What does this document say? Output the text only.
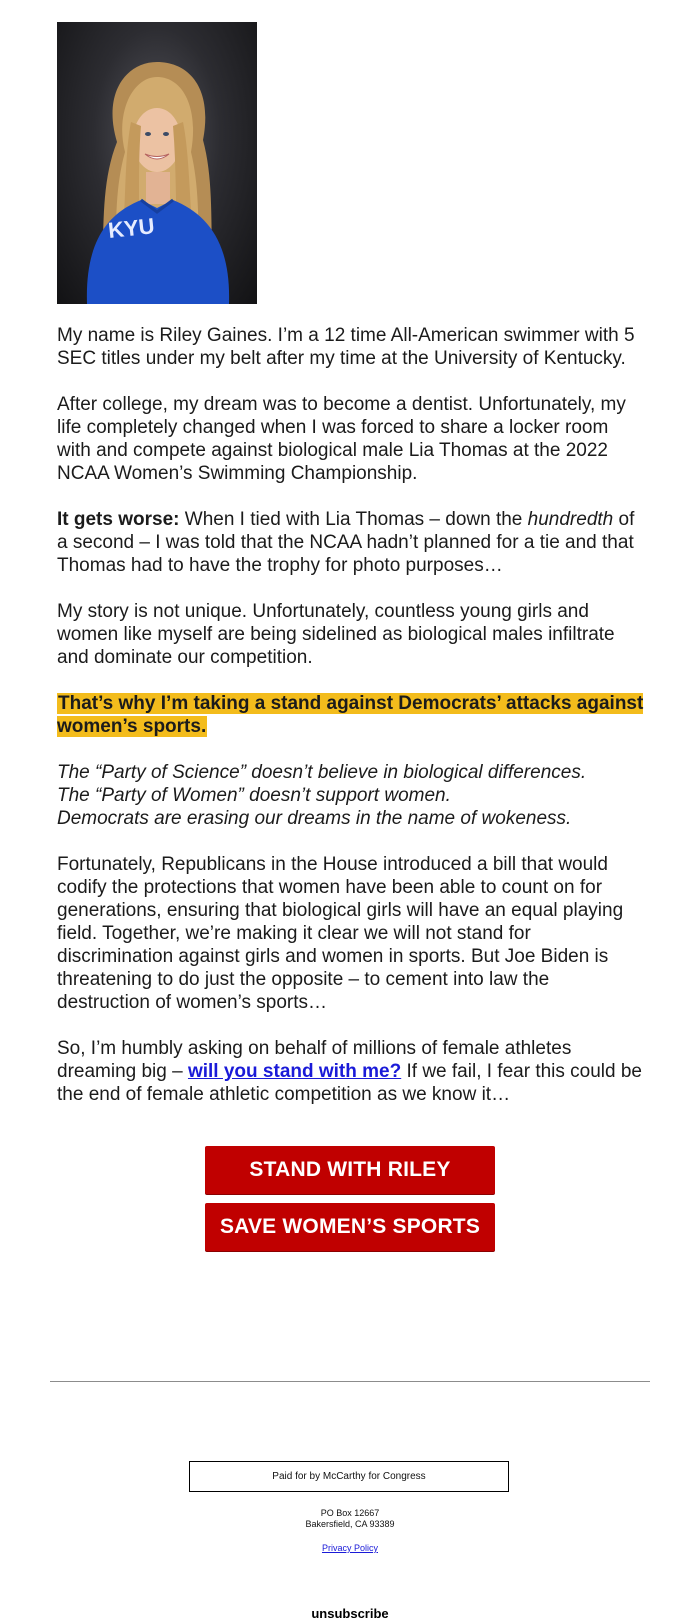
KYU

My name is Riley Gaines. I’m a 12 time All-American swimmer with 5 SEC titles under my belt after my time at the University of Kentucky.

After college, my dream was to become a dentist. Unfortunately, my life completely changed when I was forced to share a locker room with and compete against biological male Lia Thomas at the 2022 NCAA Women’s Swimming Championship.

It gets worse: When I tied with Lia Thomas – down the hundredth of a second – I was told that the NCAA hadn’t planned for a tie and that Thomas had to have the trophy for photo purposes…

My story is not unique. Unfortunately, countless young girls and women like myself are being sidelined as biological males infiltrate and dominate our competition.

That’s why I’m taking a stand against Democrats’ attacks against women’s sports.

The “Party of Science” doesn’t believe in biological differences.
The “Party of Women” doesn’t support women.
Democrats are erasing our dreams in the name of wokeness.

Fortunately, Republicans in the House introduced a bill that would codify the protections that women have been able to count on for generations, ensuring that biological girls will have an equal playing field. Together, we’re making it clear we will not stand for discrimination against girls and women in sports. But Joe Biden is threatening to do just the opposite – to cement into law the destruction of women’s sports…

So, I’m humbly asking on behalf of millions of female athletes dreaming big – will you stand with me? If we fail, I fear this could be the end of female athletic competition as we know it…

STAND WITH RILEY
SAVE WOMEN’S SPORTS
Paid for by McCarthy for Congress
PO Box 12667
Bakersfield, CA 93389
Privacy Policy
unsubscribe
